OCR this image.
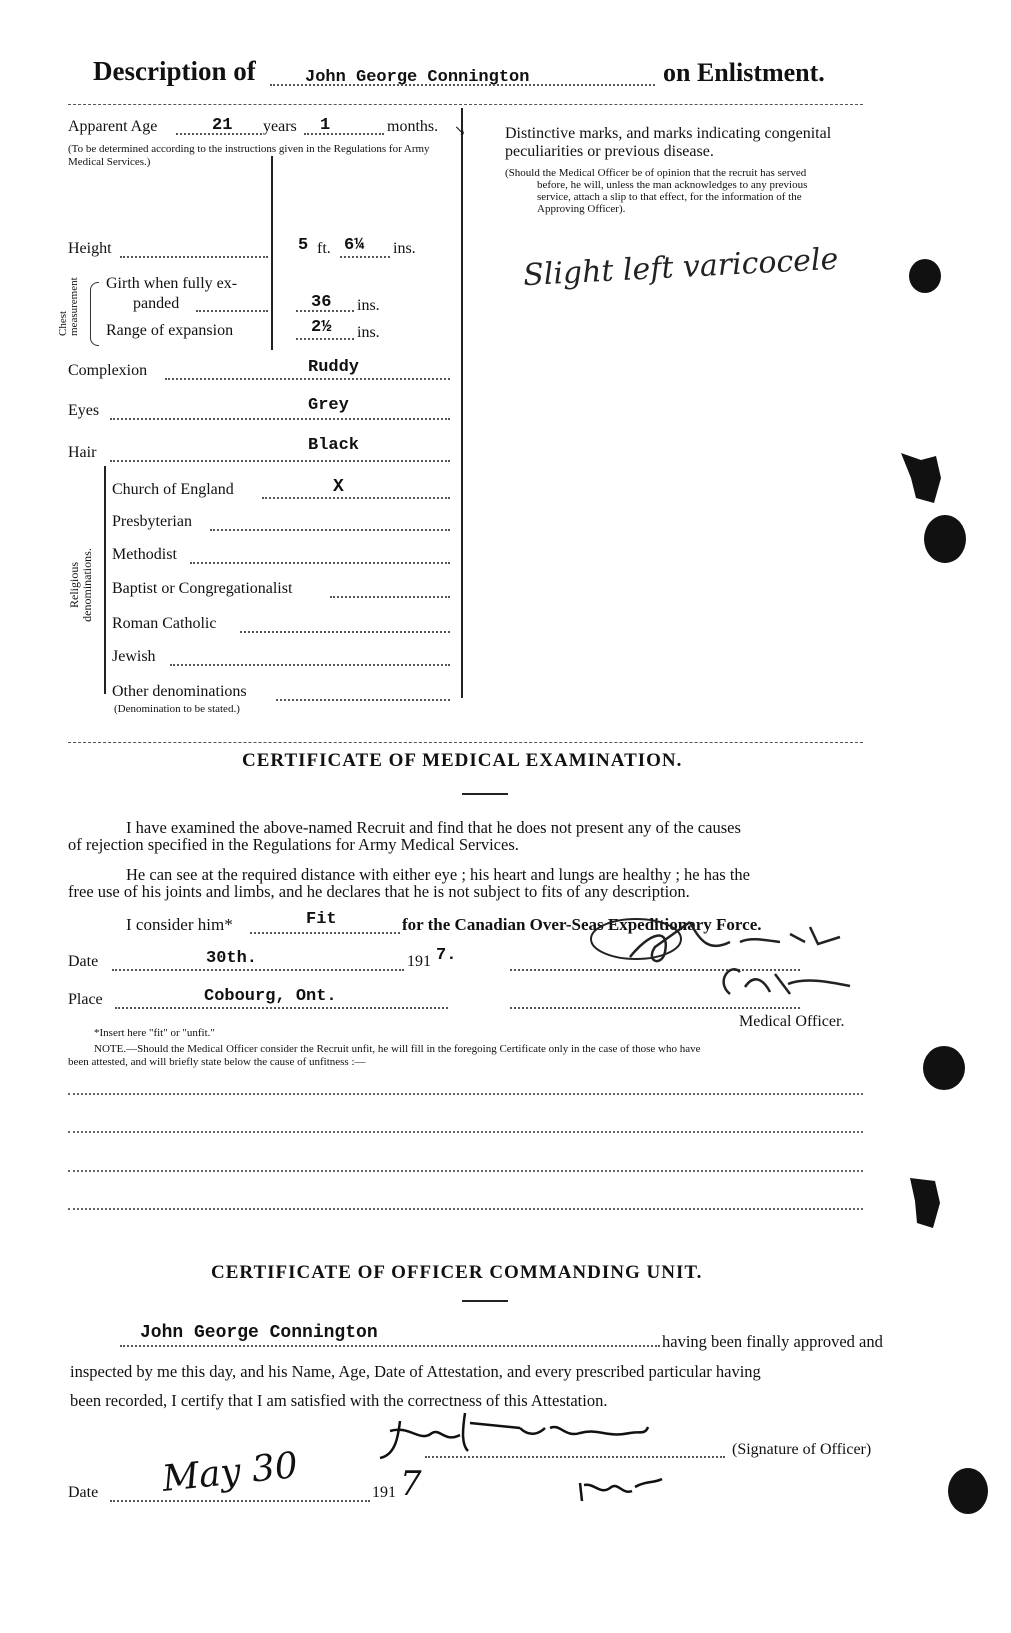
Description of	John George Connington	on Enlistment.
Apparent Age	21 years 1	months.
(To be determined according to the instructions given in the Regulations for Army Medical Services.)
Height	5 ft. 6¼ ins.
Chest measurement Girth when fully ex-
panded	36 ins.
Range of expansion	2½ ins.
Complexion	Ruddy
Eyes	Grey
Hair	Black
Religious denominations.
Church of England	X
Presbyterian
Methodist
Baptist or Congregationalist
Roman Catholic
Jewish
Other denominations
(Denomination to be stated.)
Distinctive marks, and marks indicating congenital
peculiarities or previous disease.
(Should the Medical Officer be of opinion that the recruit has served
before, he will, unless the man acknowledges to any previous
service, attach a slip to that effect, for the information of the
Approving Officer).
Slight left varicocele
CERTIFICATE OF MEDICAL EXAMINATION.
I have examined the above-named Recruit and find that he does not present any of the causes
of rejection specified in the Regulations for Army Medical Services.
He can see at the required distance with either eye ; his heart and lungs are healthy ; he has the
free use of his joints and limbs, and he declares that he is not subject to fits of any description.
I consider him*	Fit	for the Canadian Over-Seas Expeditionary Force.
Date	30th.	191 7.
Place	Cobourg, Ont.
Medical Officer.
*Insert here "fit" or "unfit."
NOTE.—Should the Medical Officer consider the Recruit unfit, he will fill in the foregoing Certificate only in the case of those who have
been attested, and will briefly state below the cause of unfitness :—
CERTIFICATE OF OFFICER COMMANDING UNIT.
John George Connington	having been finally approved and
inspected by me this day, and his Name, Age, Date of Attestation, and every prescribed particular having
been recorded, I certify that I am satisfied with the correctness of this Attestation.
(Signature of Officer)
Date May 30	191 7
↘
